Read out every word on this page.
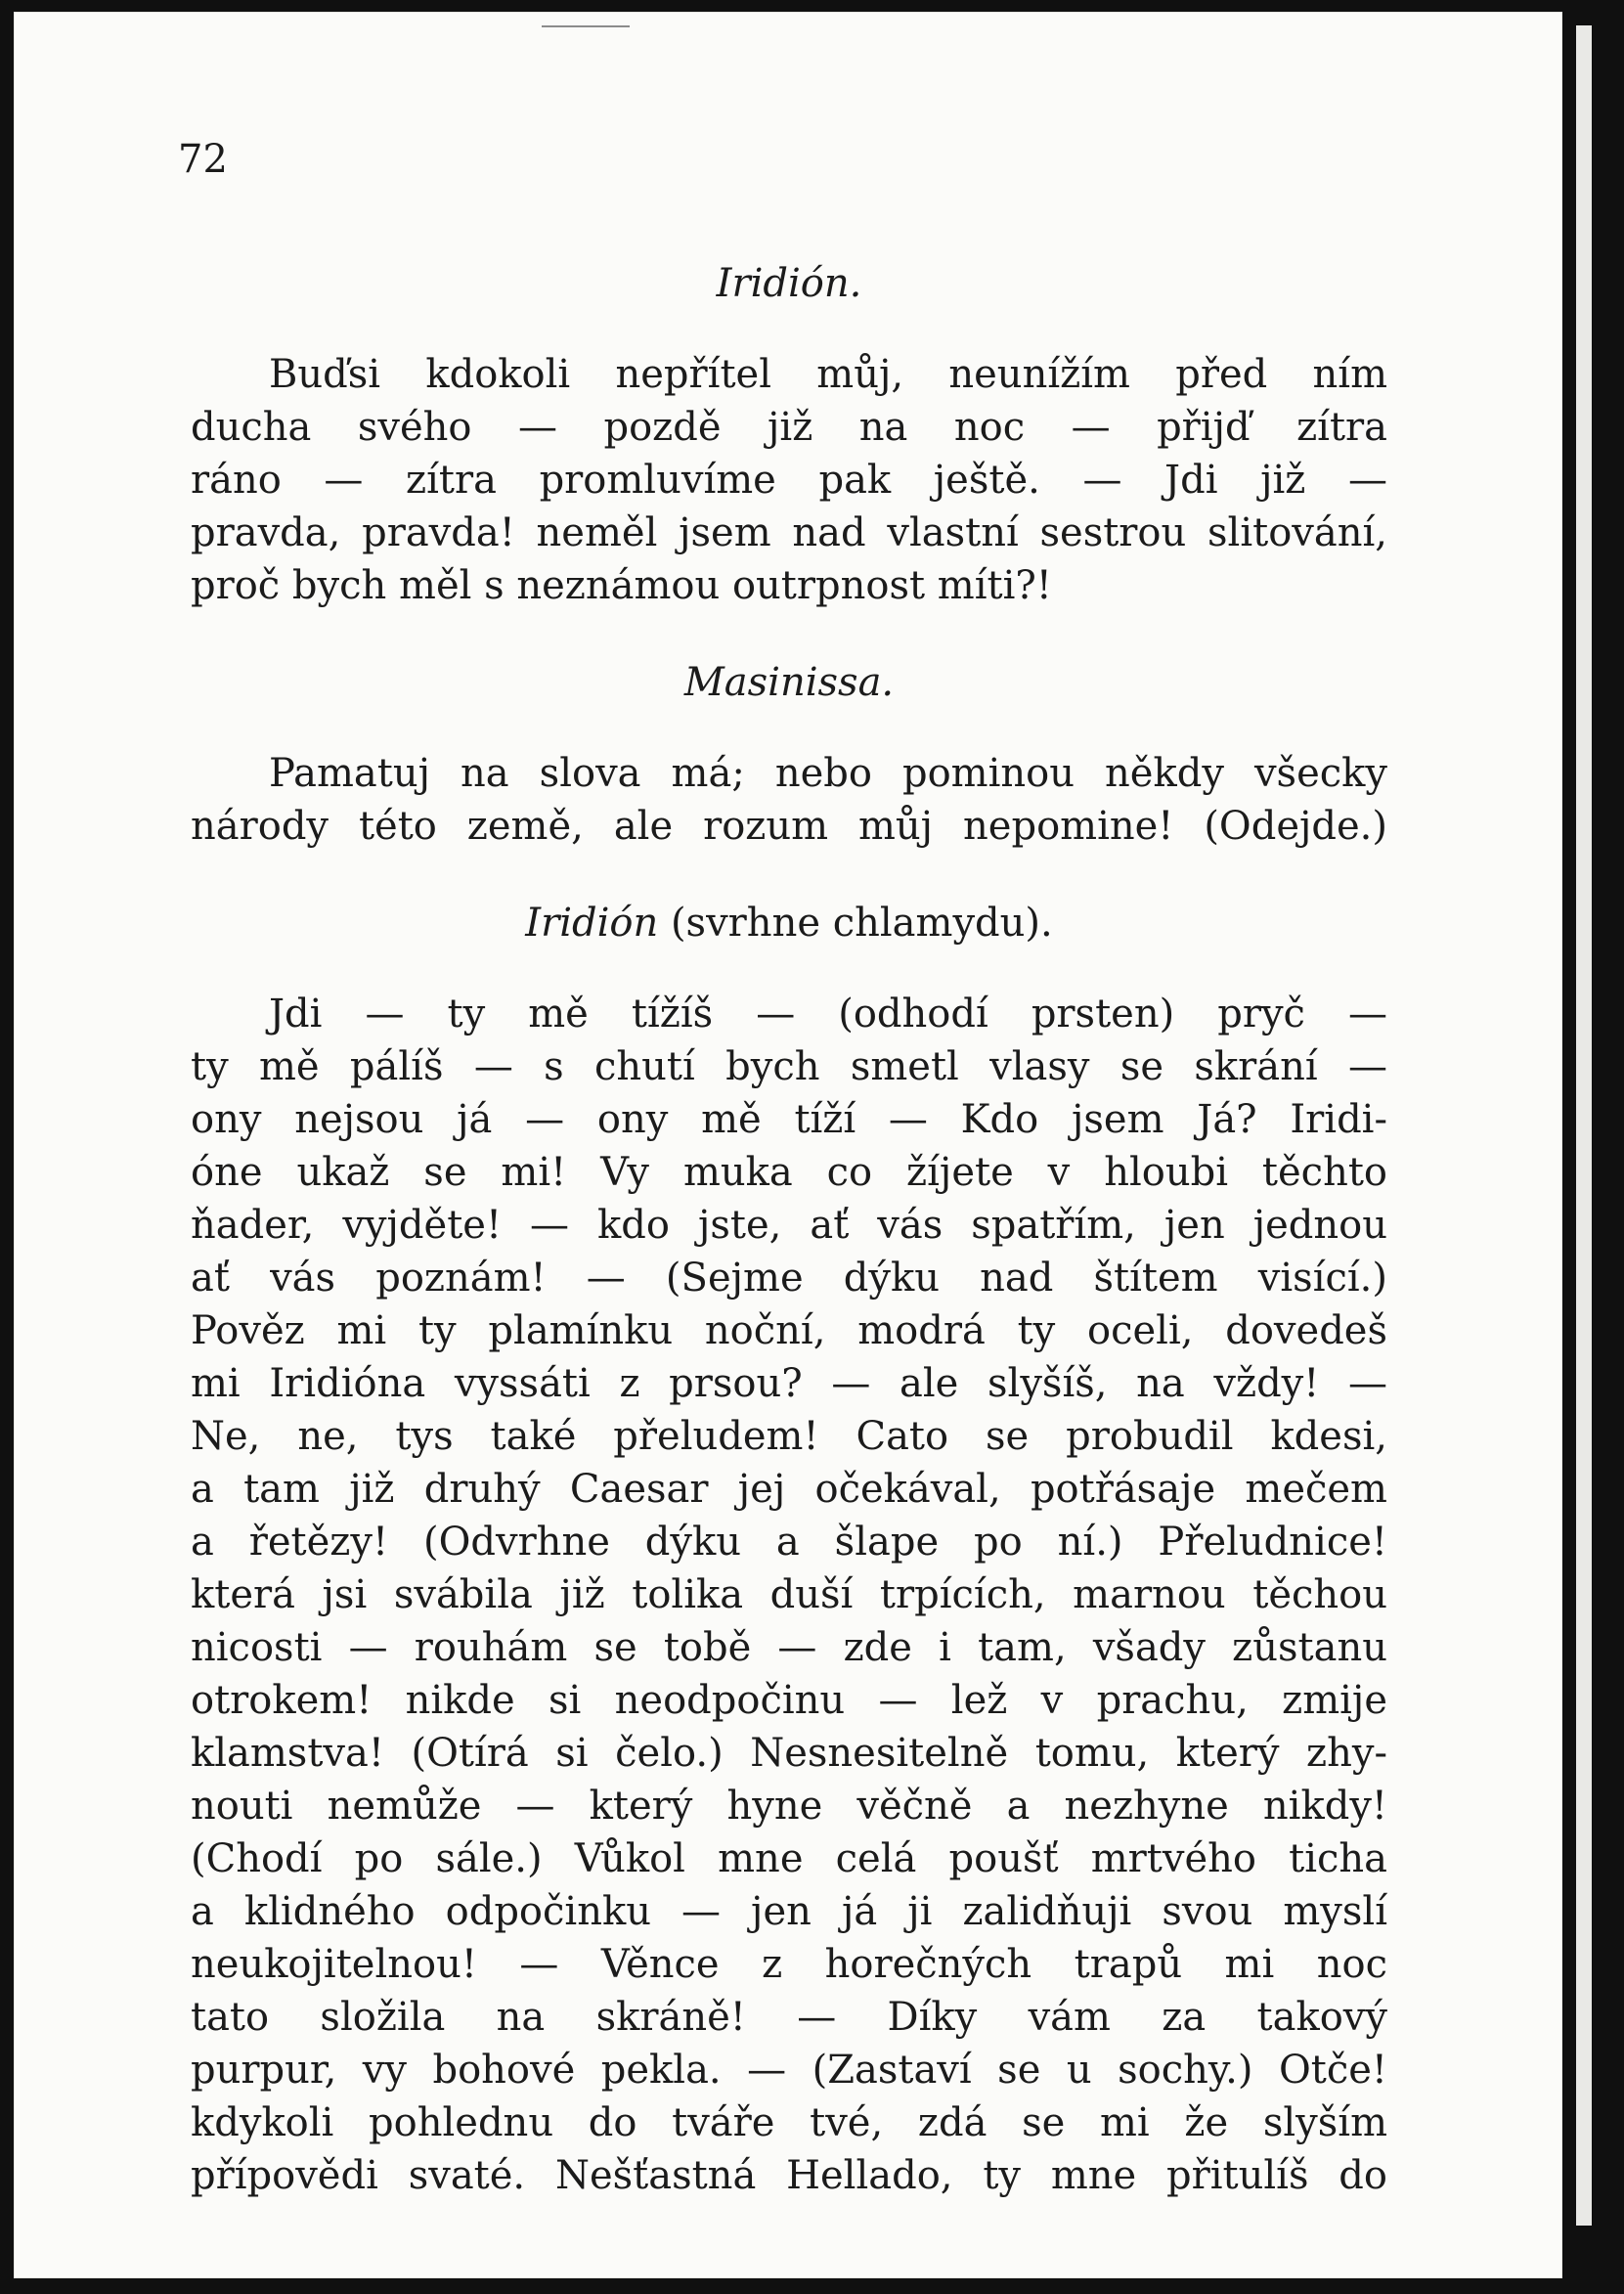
72
Iridión.
Buďsi kdokoli nepřítel můj, neunížím před ním
ducha svého — pozdě již na noc — přijď zítra
ráno — zítra promluvíme pak ještě. — Jdi již —
pravda, pravda! neměl jsem nad vlastní sestrou slitování,
proč bych měl s neznámou outrpnost míti?!
Masinissa.
Pamatuj na slova má; nebo pominou někdy všecky
národy této země, ale rozum můj nepomine! (Odejde.)
Iridión (svrhne chlamydu).
Jdi — ty mě tížíš — (odhodí prsten) pryč —
ty mě pálíš — s chutí bych smetl vlasy se skrání —
ony nejsou já — ony mě tíží — Kdo jsem Já? Iridi-
óne ukaž se mi! Vy muka co žíjete v hloubi těchto
ňader, vyjděte! — kdo jste, ať vás spatřím, jen jednou
ať vás poznám! — (Sejme dýku nad štítem visící.)
Pověz mi ty plamínku noční, modrá ty oceli, dovedeš
mi Iridióna vyssáti z prsou? — ale slyšíš, na vždy! —
Ne, ne, tys také přeludem! Cato se probudil kdesi,
a tam již druhý Caesar jej očekával, potřásaje mečem
a řetězy! (Odvrhne dýku a šlape po ní.) Přeludnice!
která jsi svábila již tolika duší trpících, marnou těchou
nicosti — rouhám se tobě — zde i tam, všady zůstanu
otrokem! nikde si neodpočinu — lež v prachu, zmije
klamstva! (Otírá si čelo.) Nesnesitelně tomu, který zhy-
nouti nemůže — který hyne věčně a nezhyne nikdy!
(Chodí po sále.) Vůkol mne celá poušť mrtvého ticha
a klidného odpočinku — jen já ji zalidňuji svou myslí
neukojitelnou! — Věnce z horečných trapů mi noc
tato složila na skráně! — Díky vám za takový
purpur, vy bohové pekla. — (Zastaví se u sochy.) Otče!
kdykoli pohlednu do tváře tvé, zdá se mi že slyším
přípovědi svaté. Nešťastná Hellado, ty mne přitulíš do
